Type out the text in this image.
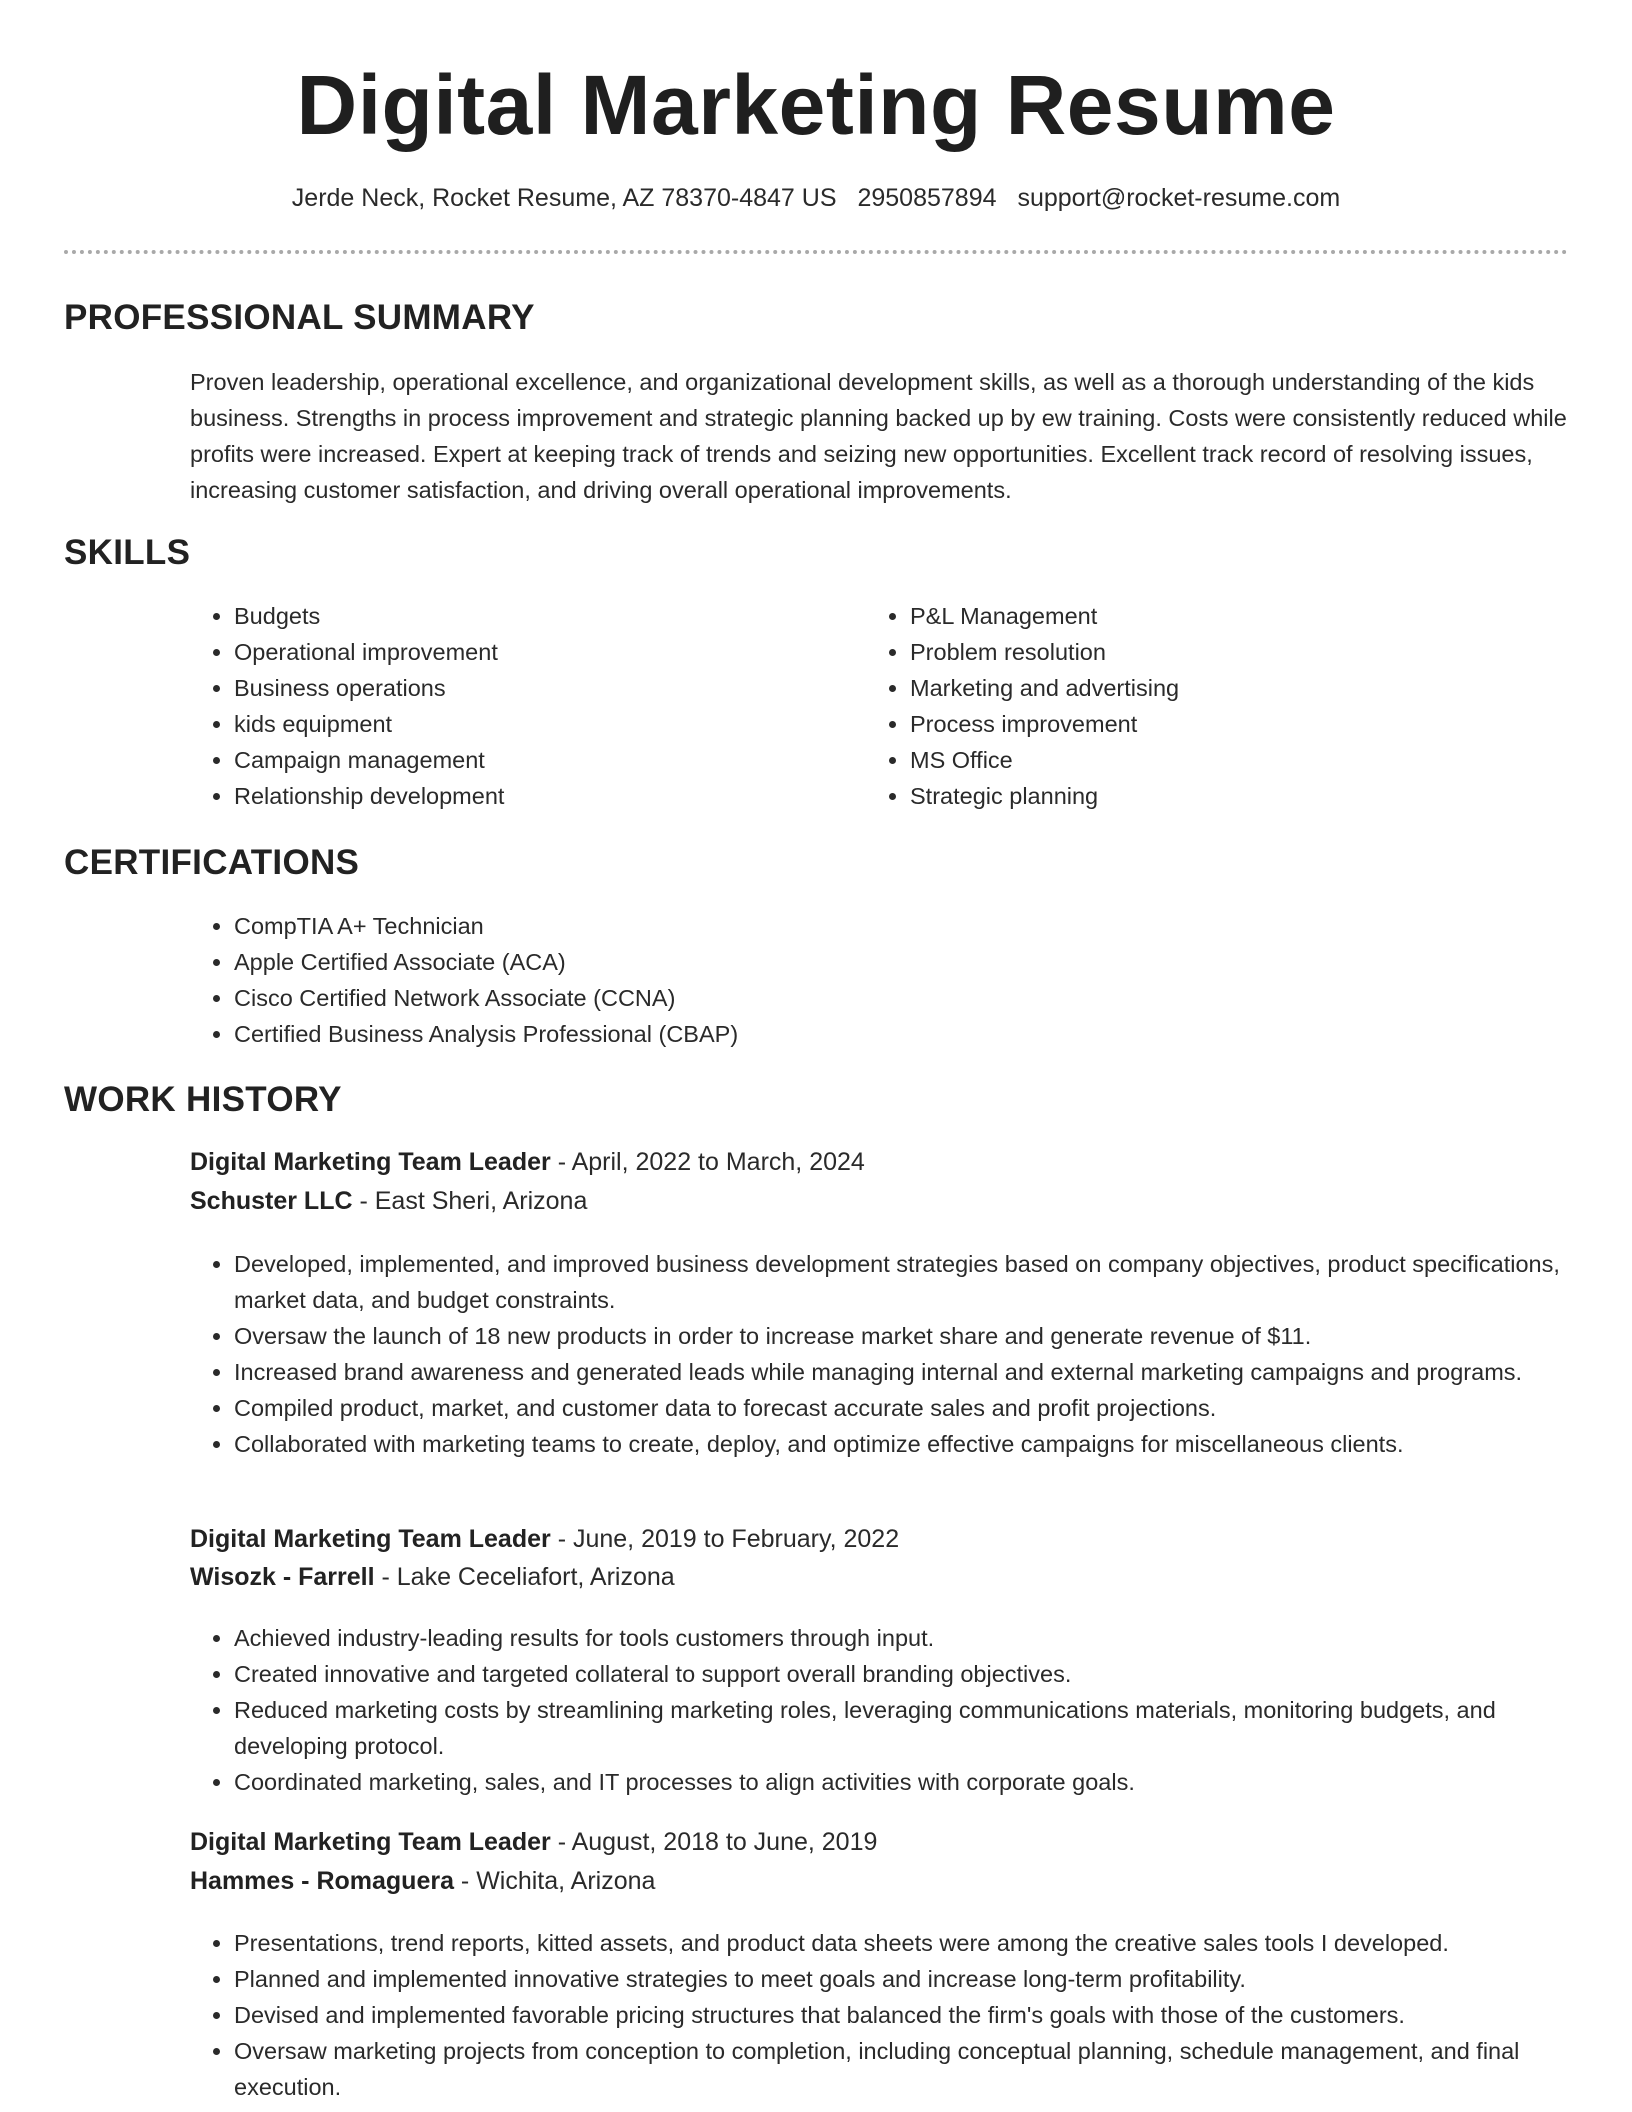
Digital Marketing Resume
Jerde Neck, Rocket Resume, AZ 78370-4847 US 2950857894 support@rocket-resume.com
PROFESSIONAL SUMMARY

Proven leadership, operational excellence, and organizational development skills, as well as a thorough understanding of the kids business. Strengths in process improvement and strategic planning backed up by ew training. Costs were consistently reduced while profits were increased. Expert at keeping track of trends and seizing new opportunities. Excellent track record of resolving issues, increasing customer satisfaction, and driving overall operational improvements.

SKILLS
• Budgets
• Operational improvement
• Business operations
• kids equipment
• Campaign management
• Relationship development
• P&L Management
• Problem resolution
• Marketing and advertising
• Process improvement
• MS Office
• Strategic planning
CERTIFICATIONS
• CompTIA A+ Technician
• Apple Certified Associate (ACA)
• Cisco Certified Network Associate (CCNA)
• Certified Business Analysis Professional (CBAP)
WORK HISTORY
Digital Marketing Team Leader - April, 2022 to March, 2024
Schuster LLC - East Sheri, Arizona
• Developed, implemented, and improved business development strategies based on company objectives, product specifications, market data, and budget constraints.
• Oversaw the launch of 18 new products in order to increase market share and generate revenue of $11.
• Increased brand awareness and generated leads while managing internal and external marketing campaigns and programs.
• Compiled product, market, and customer data to forecast accurate sales and profit projections.
• Collaborated with marketing teams to create, deploy, and optimize effective campaigns for miscellaneous clients.
Digital Marketing Team Leader - June, 2019 to February, 2022
Wisozk - Farrell - Lake Ceceliafort, Arizona
• Achieved industry-leading results for tools customers through input.
• Created innovative and targeted collateral to support overall branding objectives.
• Reduced marketing costs by streamlining marketing roles, leveraging communications materials, monitoring budgets, and developing protocol.
• Coordinated marketing, sales, and IT processes to align activities with corporate goals.
Digital Marketing Team Leader - August, 2018 to June, 2019
Hammes - Romaguera - Wichita, Arizona
• Presentations, trend reports, kitted assets, and product data sheets were among the creative sales tools I developed.
• Planned and implemented innovative strategies to meet goals and increase long-term profitability.
• Devised and implemented favorable pricing structures that balanced the firm's goals with those of the customers.
• Oversaw marketing projects from conception to completion, including conceptual planning, schedule management, and final execution.
